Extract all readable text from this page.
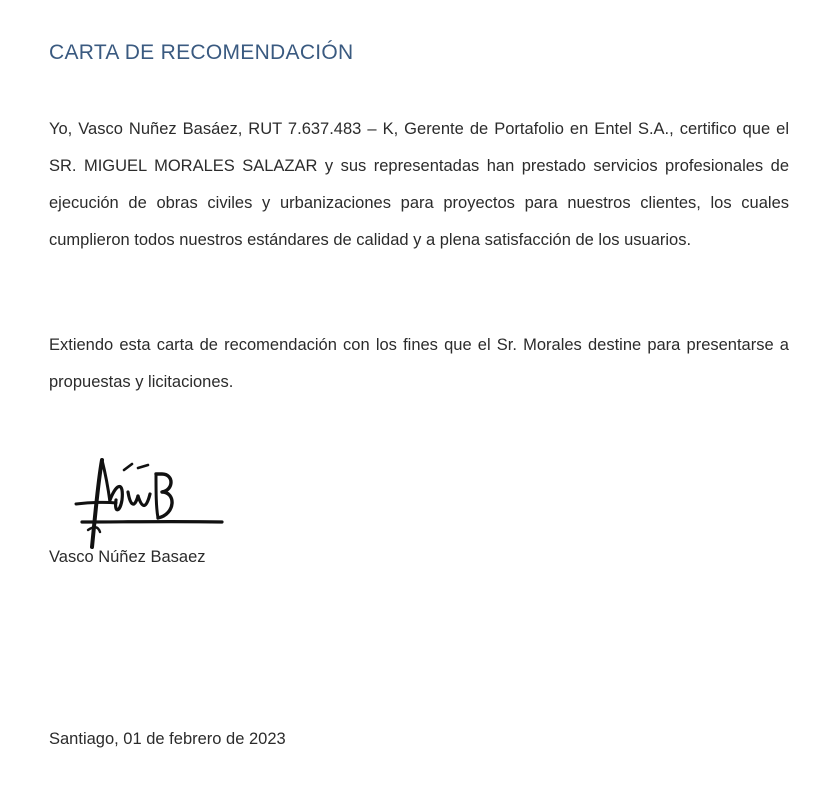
CARTA DE RECOMENDACIÓN

Yo, Vasco Nuñez Basáez, RUT 7.637.483 – K, Gerente de Portafolio en Entel S.A., certifico que el SR. MIGUEL MORALES SALAZAR y sus representadas han prestado servicios profesionales de ejecución de obras civiles y urbanizaciones para proyectos para nuestros clientes, los cuales cumplieron todos nuestros estándares de calidad y a plena satisfacción de los usuarios.

Extiendo esta carta de recomendación con los fines que el Sr. Morales destine para presentarse a propuestas y licitaciones.

Vasco Núñez Basaez

Santiago, 01 de febrero de 2023
